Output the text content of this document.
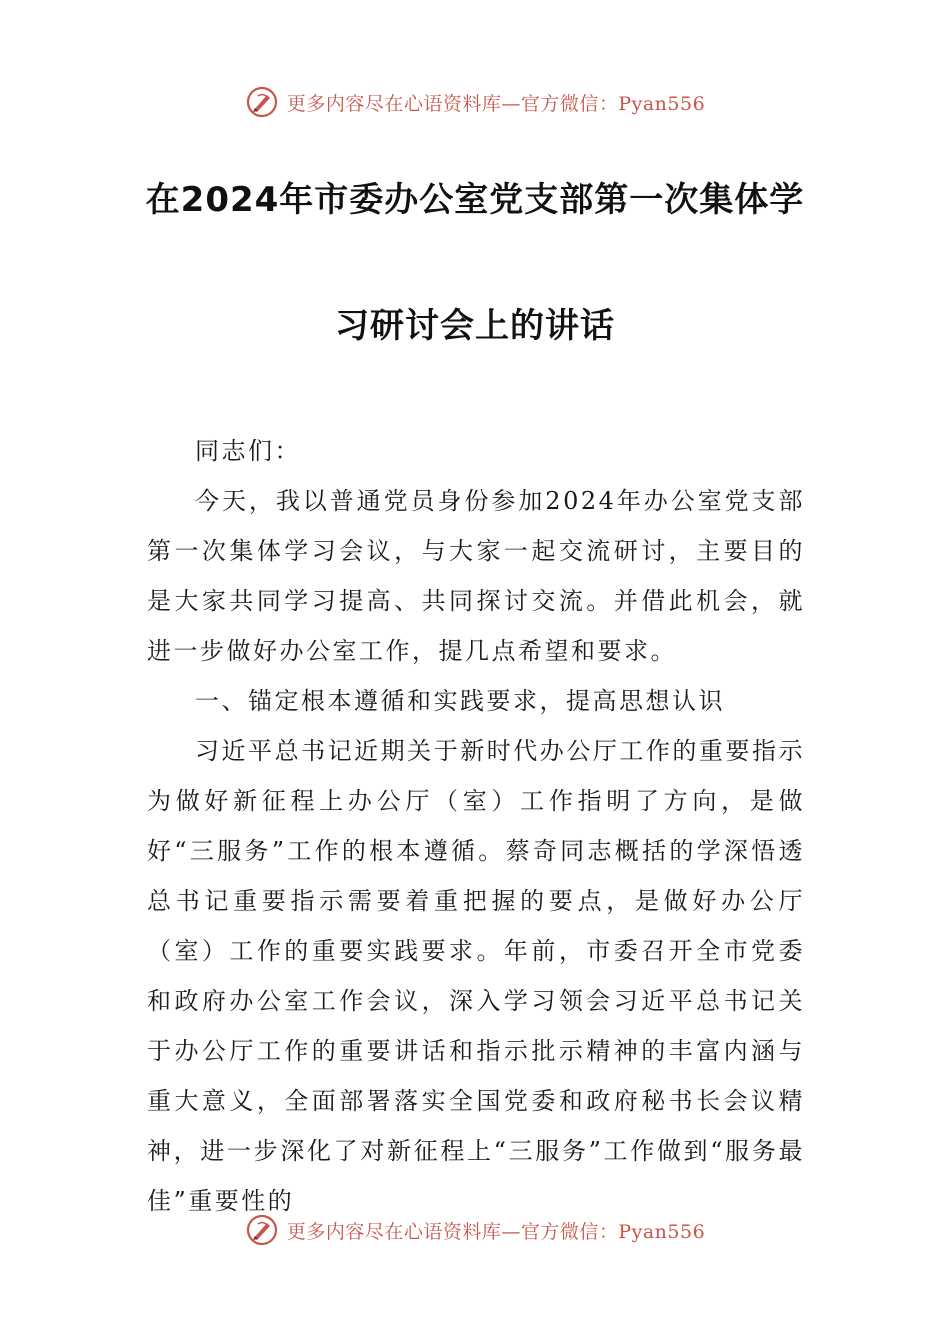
更多内容尽在心语资料库—官方微信：Pyan556
在2024年市委办公室党支部第一次集体学
习研讨会上的讲话

同志们：

今天，我以普通党员身份参加2024年办公室党支部第一次集体学习会议，与大家一起交流研讨，主要目的是大家共同学习提高、共同探讨交流。并借此机会，就进一步做好办公室工作，提几点希望和要求。

一、锚定根本遵循和实践要求，提高思想认识

习近平总书记近期关于新时代办公厅工作的重要指示为做好新征程上办公厅（室）工作指明了方向，是做好“三服务”工作的根本遵循。蔡奇同志概括的学深悟透总书记重要指示需要着重把握的要点，是做好办公厅（室）工作的重要实践要求。年前，市委召开全市党委和政府办公室工作会议，深入学习领会习近平总书记关于办公厅工作的重要讲话和指示批示精神的丰富内涵与重大意义，全面部署落实全国党委和政府秘书长会议精神，进一步深化了对新征程上“三服务”工作做到“服务最佳”重要性的

更多内容尽在心语资料库—官方微信：Pyan556
